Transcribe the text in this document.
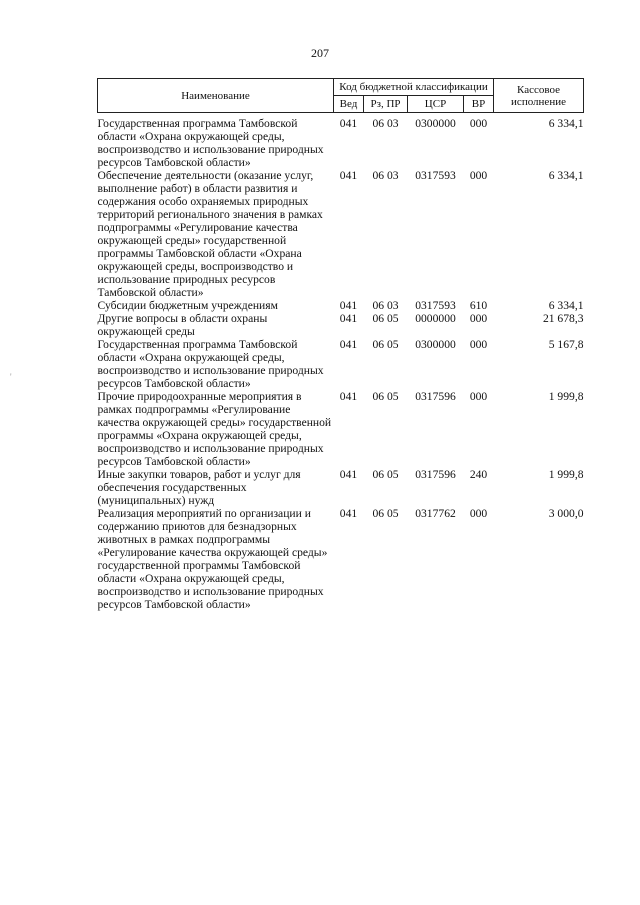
207
'
Наименование	Код бюджетной классификации				Кассовое исполнение
	Вед	Рз, ПР	ЦСР	ВР	

Государственная программа Тамбовской области «Охрана окружающей среды, воспроизводство и использование природных ресурсов Тамбовской области»	041	06 03	0300000	000	6 334,1
Обеспечение деятельности (оказание услуг, выполнение работ) в области развития и содержания особо охраняемых природных территорий регионального значения в рамках подпрограммы «Регулирование качества окружающей среды» государственной программы Тамбовской области «Охрана окружающей среды, воспроизводство и использование природных ресурсов Тамбовской области»	041	06 03	0317593	000	6 334,1
Субсидии бюджетным учреждениям	041	06 03	0317593	610	6 334,1
Другие вопросы в области охраны окружающей среды	041	06 05	0000000	000	21 678,3
Государственная программа Тамбовской области «Охрана окружающей среды, воспроизводство и использование природных ресурсов Тамбовской области»	041	06 05	0300000	000	5 167,8
Прочие природоохранные мероприятия в рамках подпрограммы «Регулирование качества окружающей среды» государственной программы «Охрана окружающей среды, воспроизводство и использование природных ресурсов Тамбовской области»	041	06 05	0317596	000	1 999,8
Иные закупки товаров, работ и услуг для обеспечения государственных (муниципальных) нужд	041	06 05	0317596	240	1 999,8
Реализация мероприятий по организации и содержанию приютов для безнадзорных животных в рамках подпрограммы «Регулирование качества окружающей среды» государственной программы Тамбовской области «Охрана окружающей среды, воспроизводство и использование природных ресурсов Тамбовской области»	041	06 05	0317762	000	3 000,0
